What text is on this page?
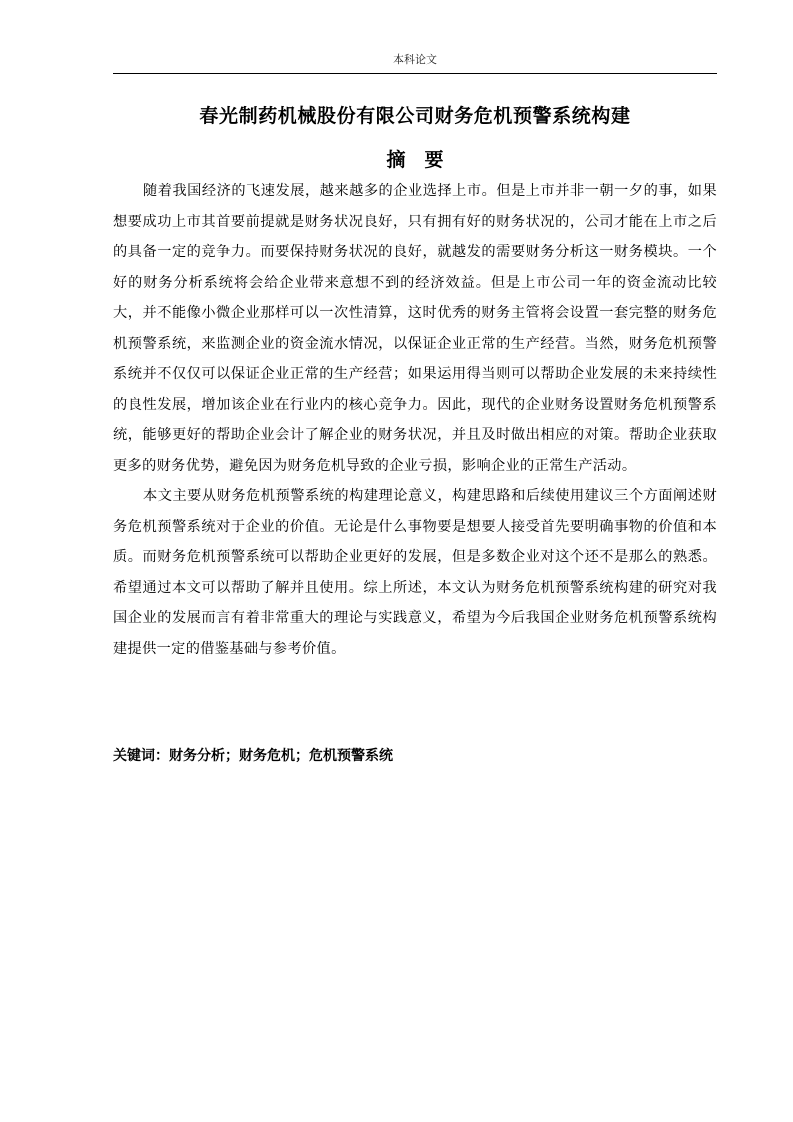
本科论文
春光制药机械股份有限公司财务危机预警系统构建
摘要

随着我国经济的飞速发展，越来越多的企业选择上市。但是上市并非一朝一夕的事，如果想要成功上市其首要前提就是财务状况良好，只有拥有好的财务状况的，公司才能在上市之后的具备一定的竞争力。而要保持财务状况的良好，就越发的需要财务分析这一财务模块。一个好的财务分析系统将会给企业带来意想不到的经济效益。但是上市公司一年的资金流动比较大，并不能像小微企业那样可以一次性清算，这时优秀的财务主管将会设置一套完整的财务危机预警系统，来监测企业的资金流水情况，以保证企业正常的生产经营。当然，财务危机预警系统并不仅仅可以保证企业正常的生产经营；如果运用得当则可以帮助企业发展的未来持续性的良性发展，增加该企业在行业内的核心竞争力。因此，现代的企业财务设置财务危机预警系统，能够更好的帮助企业会计了解企业的财务状况，并且及时做出相应的对策。帮助企业获取更多的财务优势，避免因为财务危机导致的企业亏损，影响企业的正常生产活动。

本文主要从财务危机预警系统的构建理论意义，构建思路和后续使用建议三个方面阐述财务危机预警系统对于企业的价值。无论是什么事物要是想要人接受首先要明确事物的价值和本质。而财务危机预警系统可以帮助企业更好的发展，但是多数企业对这个还不是那么的熟悉。希望通过本文可以帮助了解并且使用。综上所述，本文认为财务危机预警系统构建的研究对我国企业的发展而言有着非常重大的理论与实践意义，希望为今后我国企业财务危机预警系统构建提供一定的借鉴基础与参考价值。

关键词：财务分析；财务危机；危机预警系统
